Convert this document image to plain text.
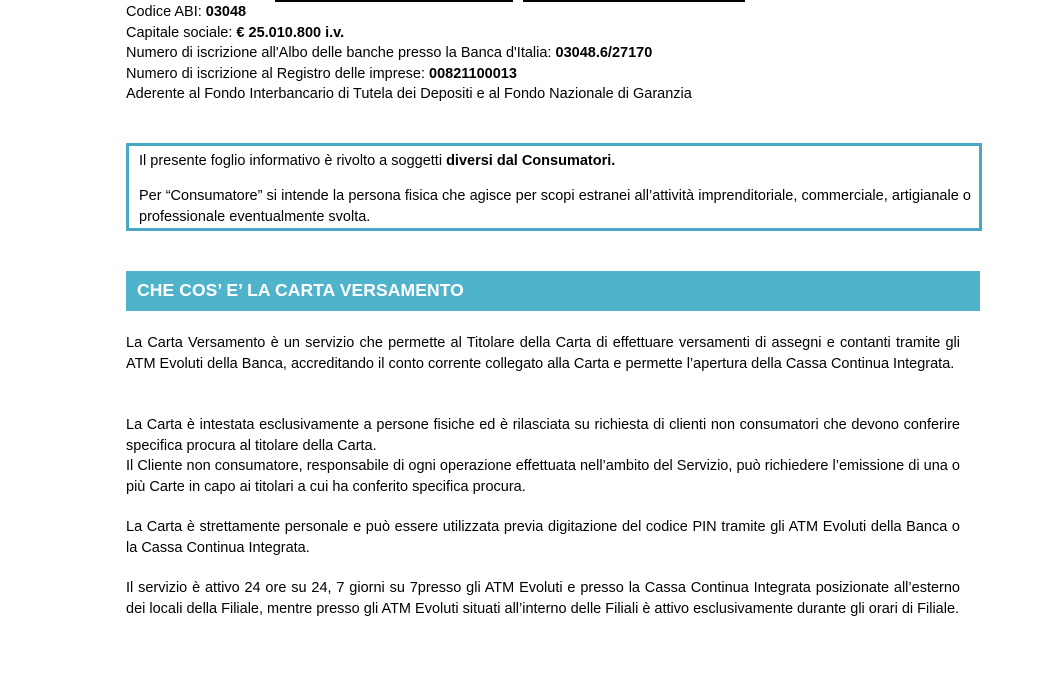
Codice ABI: 03048
Capitale sociale: € 25.010.800 i.v.
Numero di iscrizione all'Albo delle banche presso la Banca d'Italia: 03048.6/27170
Numero di iscrizione al Registro delle imprese: 00821100013
Aderente al Fondo Interbancario di Tutela dei Depositi e al Fondo Nazionale di Garanzia
Il presente foglio informativo è rivolto a soggetti diversi dal Consumatori.
Per “Consumatore” si intende la persona fisica che agisce per scopi estranei all’attività imprenditoriale, commerciale, artigianale o professionale eventualmente svolta.
CHE COS’ E’ LA CARTA VERSAMENTO
La Carta Versamento è un servizio che permette al Titolare della Carta di effettuare versamenti di assegni e contanti tramite gli ATM Evoluti della Banca, accreditando il conto corrente collegato alla Carta e permette l’apertura della Cassa Continua Integrata.
La Carta è intestata esclusivamente a persone fisiche ed è rilasciata su richiesta di clienti non consumatori che devono conferire specifica procura al titolare della Carta.
Il Cliente non consumatore, responsabile di ogni operazione effettuata nell’ambito del Servizio, può richiedere l’emissione di una o più Carte in capo ai titolari a cui ha conferito specifica procura.
La Carta è strettamente personale e può essere utilizzata previa digitazione del codice PIN tramite gli ATM Evoluti della Banca o la Cassa Continua Integrata.
Il servizio è attivo 24 ore su 24, 7 giorni su 7presso gli ATM Evoluti e presso la Cassa Continua Integrata posizionate all’esterno dei locali della Filiale, mentre presso gli ATM Evoluti situati all’interno delle Filiali è attivo esclusivamente durante gli orari di Filiale.
